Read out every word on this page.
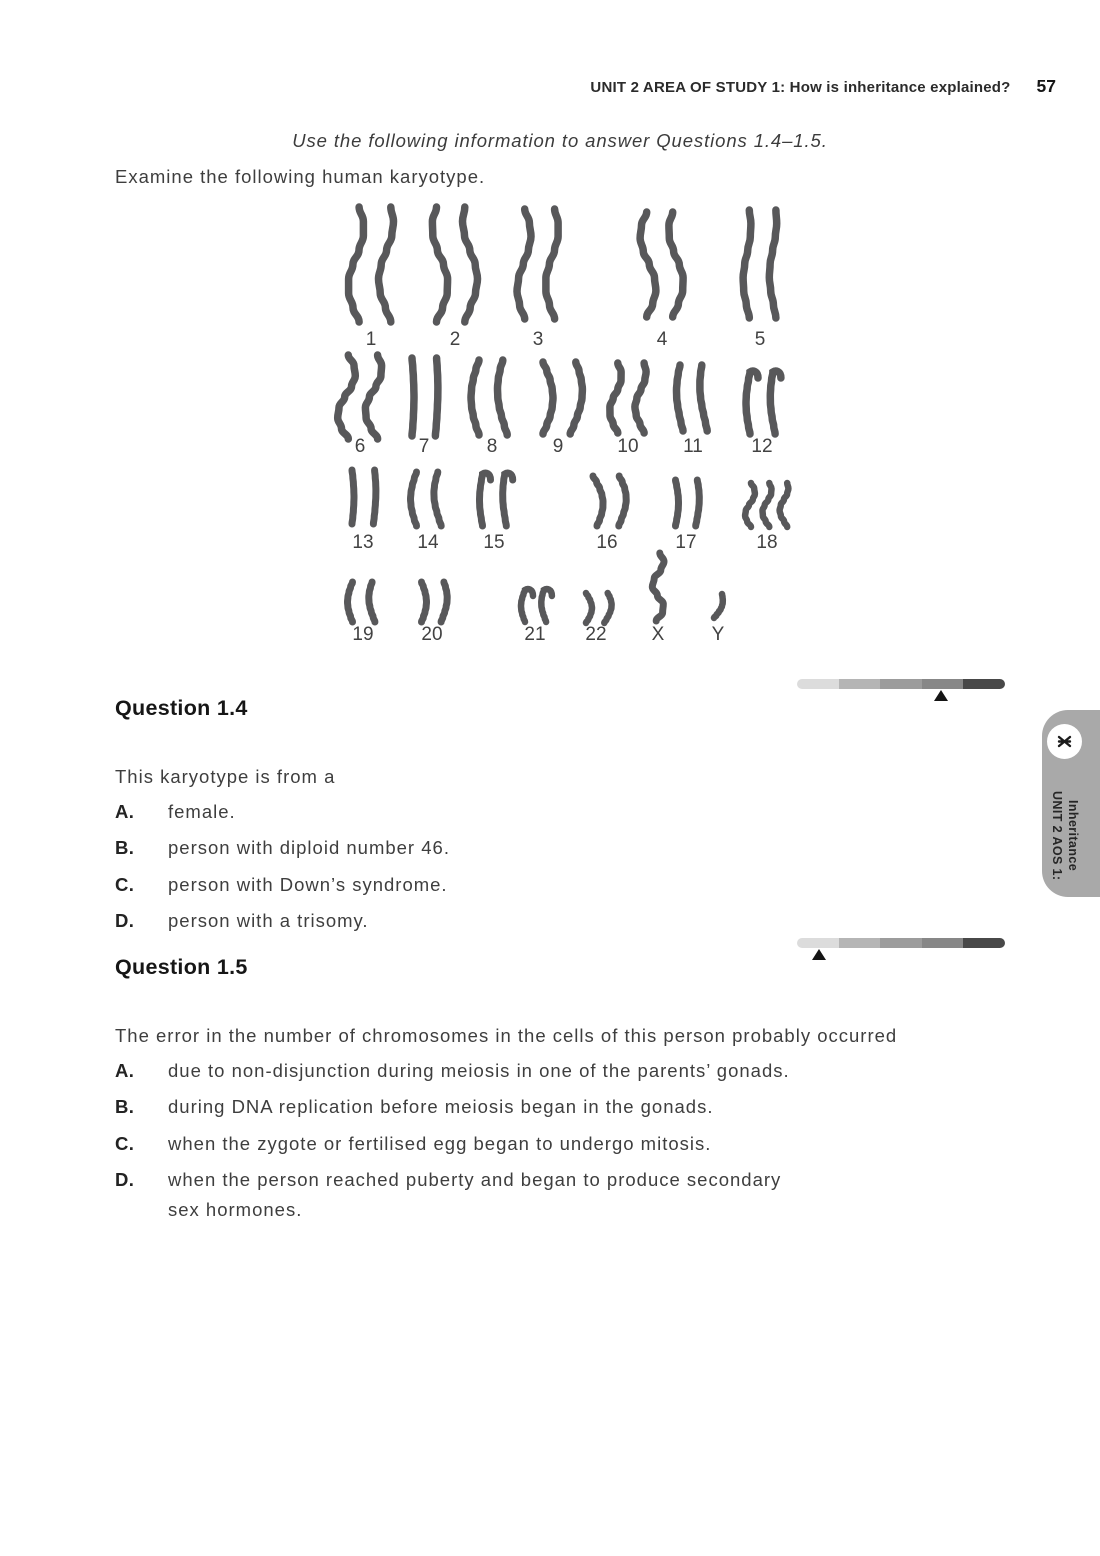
UNIT 2 AREA OF STUDY 1: How is inheritance explained? 57
Use the following information to answer Questions 1.4–1.5.
Examine the following human karyotype.
1	2	3	4	5
6	7	8	9	10 11	12
13 14 15	16	17	18
19	20	21 22 X Y
Question 1.4
This karyotype is from a
A.	female.
B.	person with diploid number 46.
C.	person with Down’s syndrome.
D.	person with a trisomy.
Question 1.5
The error in the number of chromosomes in the cells of this person probably occurred
A.	due to non-disjunction during meiosis in one of the parents’ gonads.
B.	during DNA replication before meiosis began in the gonads.
C.	when the zygote or fertilised egg began to undergo mitosis.
D.	when the person reached puberty and began to produce secondary
sex hormones.
UNIT 2 AOS 1: Inheritance
